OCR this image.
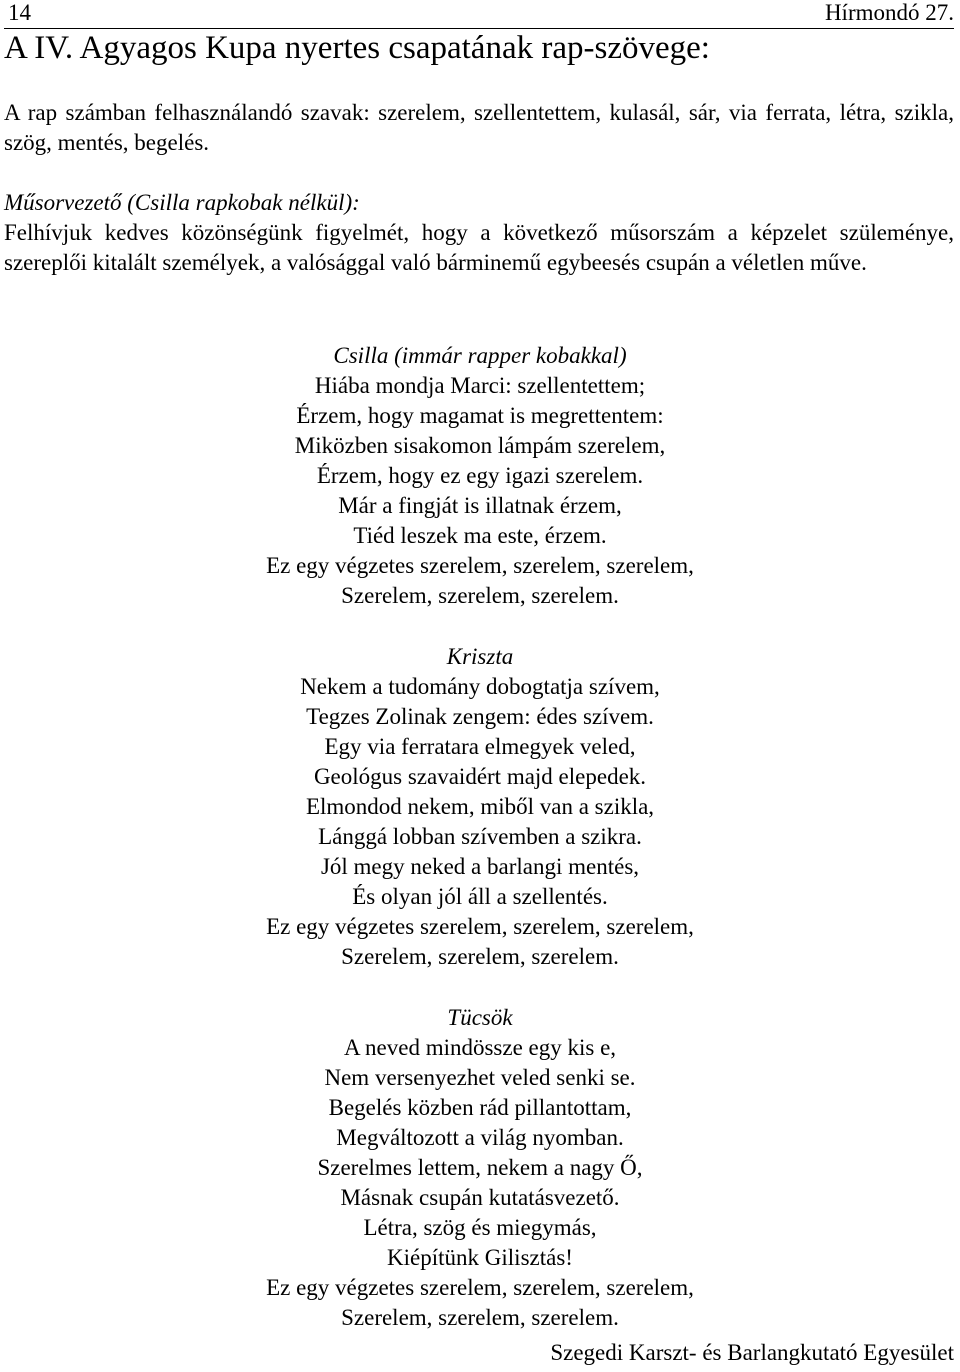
14	Hírmondó 27.
A IV. Agyagos Kupa nyertes csapatának rap-szövege:

A rap számban felhasználandó szavak: szerelem, szellentettem, kulasál, sár, via ferrata, létra, szikla, szög, mentés, begelés.

Műsorvezető (Csilla rapkobak nélkül):
Felhívjuk kedves közönségünk figyelmét, hogy a következő műsorszám a képzelet szüleménye, szereplői kitalált személyek, a valósággal való bárminemű egybeesés csupán a véletlen műve.

Csilla (immár rapper kobakkal)
Hiába mondja Marci: szellentettem;
Érzem, hogy magamat is megrettentem:
Miközben sisakomon lámpám szerelem,
Érzem, hogy ez egy igazi szerelem.
Már a fingját is illatnak érzem,
Tiéd leszek ma este, érzem.
Ez egy végzetes szerelem, szerelem, szerelem,
Szerelem, szerelem, szerelem.
Kriszta
Nekem a tudomány dobogtatja szívem,
Tegzes Zolinak zengem: édes szívem.
Egy via ferratara elmegyek veled,
Geológus szavaidért majd elepedek.
Elmondod nekem, miből van a szikla,
Lánggá lobban szívemben a szikra.
Jól megy neked a barlangi mentés,
És olyan jól áll a szellentés.
Ez egy végzetes szerelem, szerelem, szerelem,
Szerelem, szerelem, szerelem.
Tücsök
A neved mindössze egy kis e,
Nem versenyezhet veled senki se.
Begelés közben rád pillantottam,
Megváltozott a világ nyomban.
Szerelmes lettem, nekem a nagy Ő,
Másnak csupán kutatásvezető.
Létra, szög és miegymás,
Kiépítünk Gilisztás!
Ez egy végzetes szerelem, szerelem, szerelem,
Szerelem, szerelem, szerelem.
Szegedi Karszt- és Barlangkutató Egyesület
